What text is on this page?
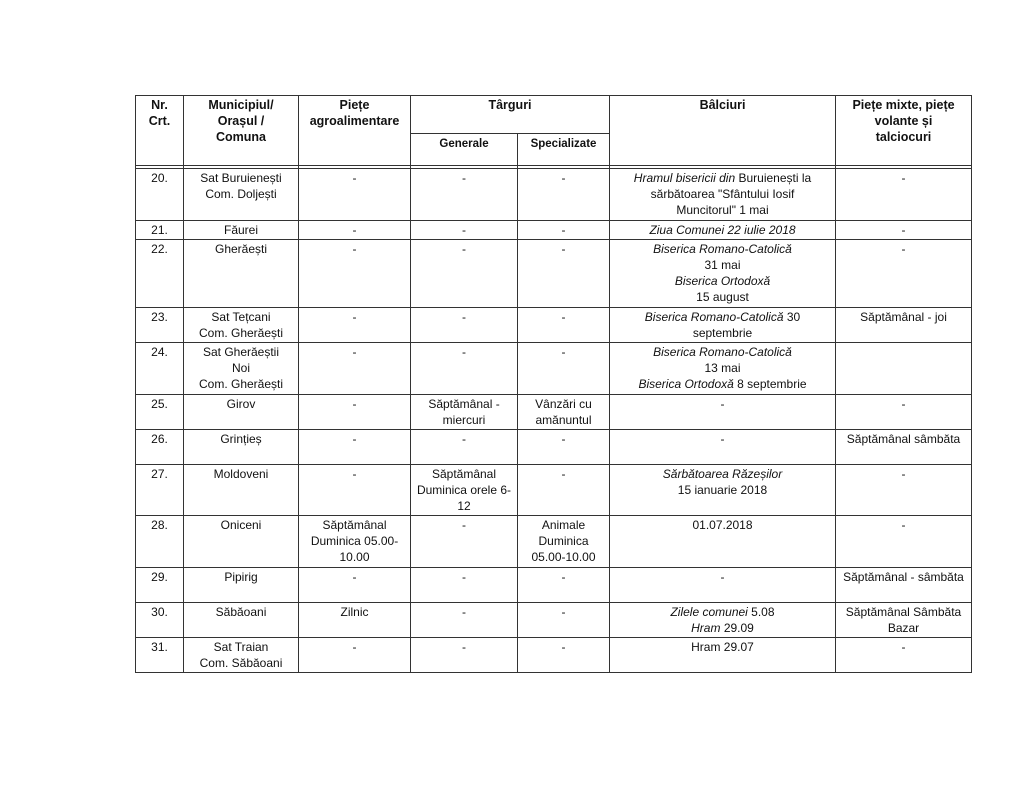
Nr.
Crt.	Municipiul/
Orașul /
Comuna	Piețe
agroalimentare	Târguri		Bâlciuri	Piețe mixte, piețe
volante și
talciocuri

			Generale	Specializate		

20.	Sat Buruienești
Com. Doljești	-	-	-	Hramul bisericii din Buruienești la
sărbătoarea "Sfântului Iosif
Muncitorul" 1 mai	-
21.	Făurei	-	-	-	Ziua Comunei 22 iulie 2018	-
22.	Gherăești	-	-	-	Biserica Romano-Catolică
31 mai
Biserica Ortodoxă
15 august	-
23.	Sat Tețcani
Com. Gherăești	-	-	-	Biserica Romano-Catolică 30
septembrie	Săptămânal - joi
24.	Sat Gherăeștii
Noi
Com. Gherăești	-	-	-	Biserica Romano-Catolică
13 mai
Biserica Ortodoxă 8 septembrie	
25.	Girov	-	Săptămânal - miercuri	Vânzări cu amănuntul	-	-
26.	Grințieș	-	-	-	-	Săptămânal sâmbăta
27.	Moldoveni	-	Săptămânal Duminica orele 6-12	-	Sărbătoarea Răzeșilor
15 ianuarie 2018	-
28.	Oniceni	Săptămânal Duminica 05.00-10.00	-	Animale Duminica 05.00-10.00	01.07.2018	-
29.	Pipirig	-	-	-	-	Săptămânal - sâmbăta
30.	Săbăoani	Zilnic	-	-	Zilele comunei 5.08
Hram 29.09	Săptămânal Sâmbăta Bazar
31.	Sat Traian
Com. Săbăoani	-	-	-	Hram 29.07	-
